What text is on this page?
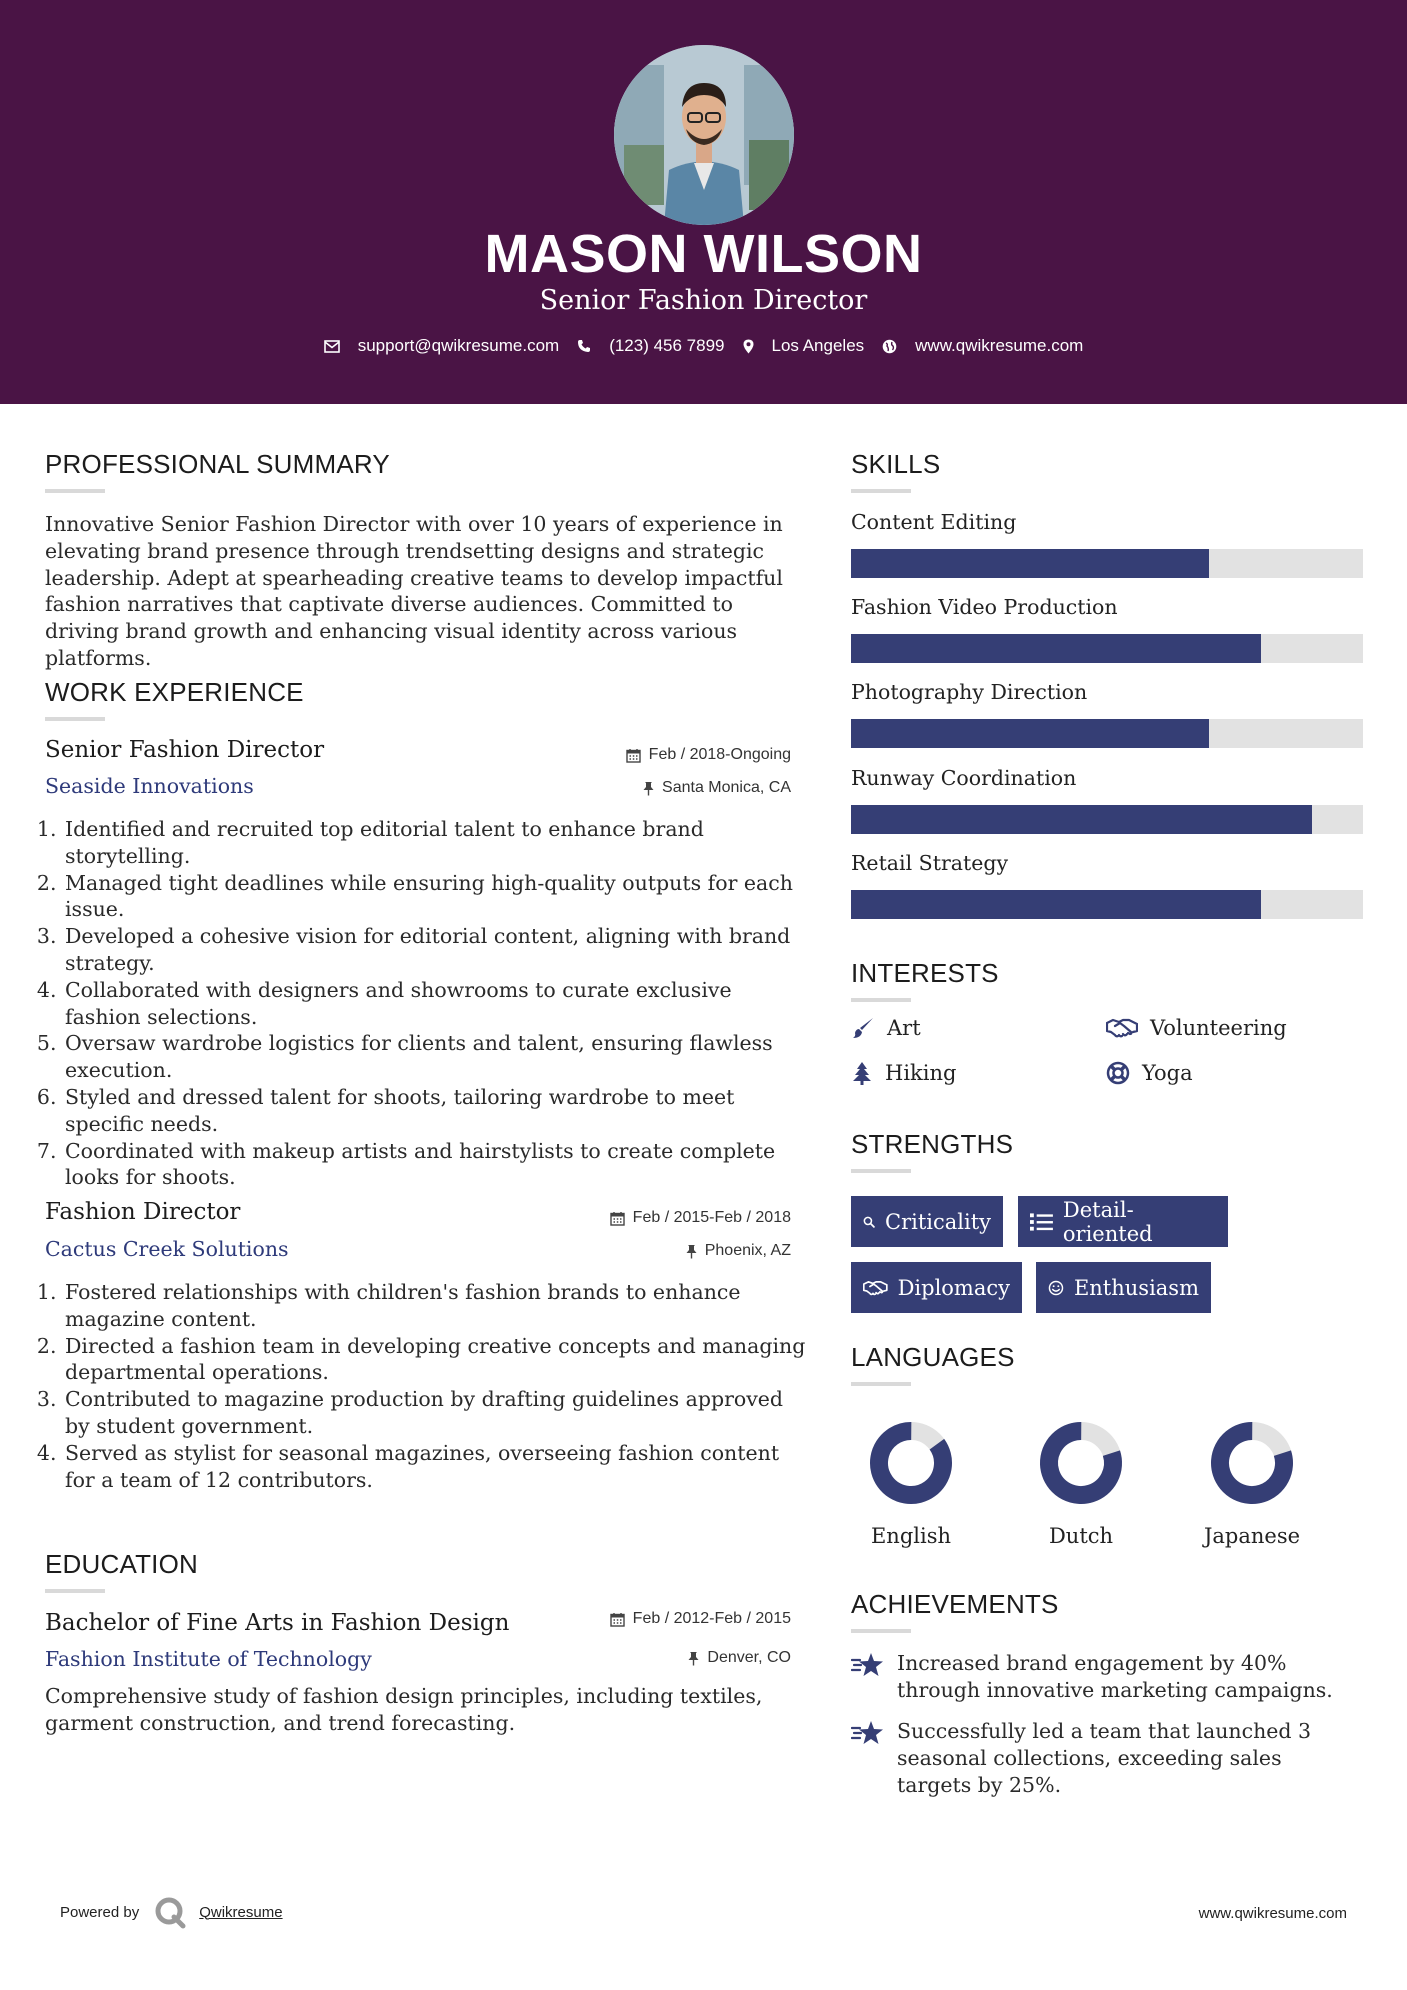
MASON WILSON
Senior Fashion Director
support@qwikresume.com	(123) 456 7899	Los Angeles	www.qwikresume.com
PROFESSIONAL SUMMARY
Innovative Senior Fashion Director with over 10 years of experience in elevating brand presence through trendsetting designs and strategic leadership. Adept at spearheading creative teams to develop impactful fashion narratives that captivate diverse audiences. Committed to driving brand growth and enhancing visual identity across various platforms.
WORK EXPERIENCE
Senior Fashion Director
Seaside Innovations
Feb / 2018-Ongoing
Santa Monica, CA
1. Identified and recruited top editorial talent to enhance brand storytelling.
2. Managed tight deadlines while ensuring high-quality outputs for each issue.
3. Developed a cohesive vision for editorial content, aligning with brand strategy.
4. Collaborated with designers and showrooms to curate exclusive fashion selections.
5. Oversaw wardrobe logistics for clients and talent, ensuring flawless execution.
6. Styled and dressed talent for shoots, tailoring wardrobe to meet specific needs.
7. Coordinated with makeup artists and hairstylists to create complete looks for shoots.
Fashion Director
Cactus Creek Solutions
Feb / 2015-Feb / 2018
Phoenix, AZ
1. Fostered relationships with children's fashion brands to enhance magazine content.
2. Directed a fashion team in developing creative concepts and managing departmental operations.
3. Contributed to magazine production by drafting guidelines approved by student government.
4. Served as stylist for seasonal magazines, overseeing fashion content for a team of 12 contributors.
EDUCATION
Bachelor of Fine Arts in Fashion Design
Fashion Institute of Technology
Feb / 2012-Feb / 2015
Denver, CO
Comprehensive study of fashion design principles, including textiles, garment construction, and trend forecasting.
SKILLS
Content Editing
Fashion Video Production
Photography Direction
Runway Coordination
Retail Strategy
INTERESTS
Art	Volunteering
Hiking	Yoga
STRENGTHS
Criticality	Detail-oriented
Diplomacy	Enthusiasm
LANGUAGES
English	Dutch	Japanese
ACHIEVEMENTS
Increased brand engagement by 40% through innovative marketing campaigns.
Successfully led a team that launched 3 seasonal collections, exceeding sales targets by 25%.
Powered by	Qwikresume	www.qwikresume.com
